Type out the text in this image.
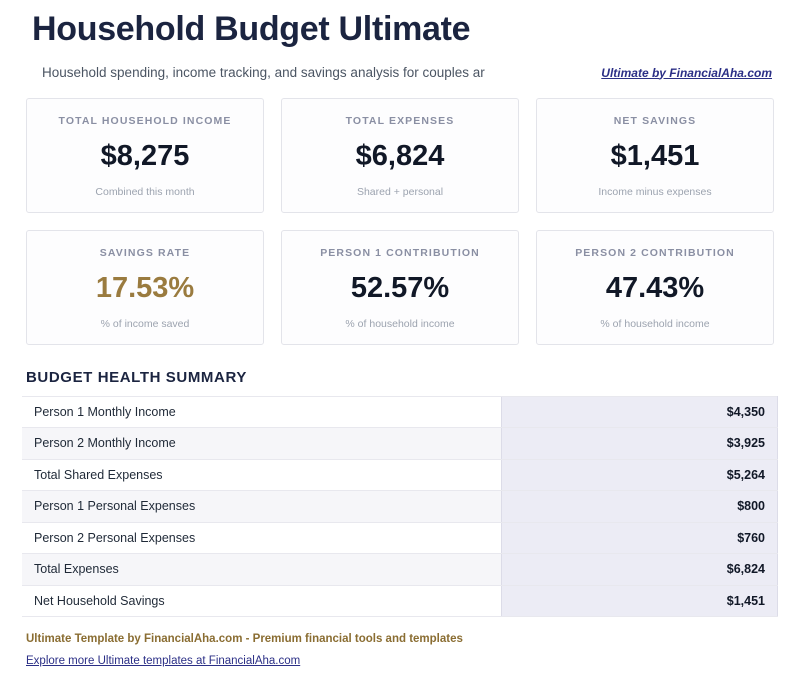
Household Budget Ultimate
Household spending, income tracking, and savings analysis for couples ar	Ultimate by FinancialAha.com
TOTAL HOUSEHOLD INCOME
$8,275
Combined this month
TOTAL EXPENSES
$6,824
Shared + personal
NET SAVINGS
$1,451
Income minus expenses
SAVINGS RATE
17.53%
% of income saved
PERSON 1 CONTRIBUTION
52.57%
% of household income
PERSON 2 CONTRIBUTION
47.43%
% of household income
BUDGET HEALTH SUMMARY
Person 1 Monthly Income	$4,350
Person 2 Monthly Income	$3,925
Total Shared Expenses	$5,264
Person 1 Personal Expenses	$800
Person 2 Personal Expenses	$760
Total Expenses	$6,824
Net Household Savings	$1,451
Ultimate Template by FinancialAha.com - Premium financial tools and templates
Explore more Ultimate templates at FinancialAha.com
